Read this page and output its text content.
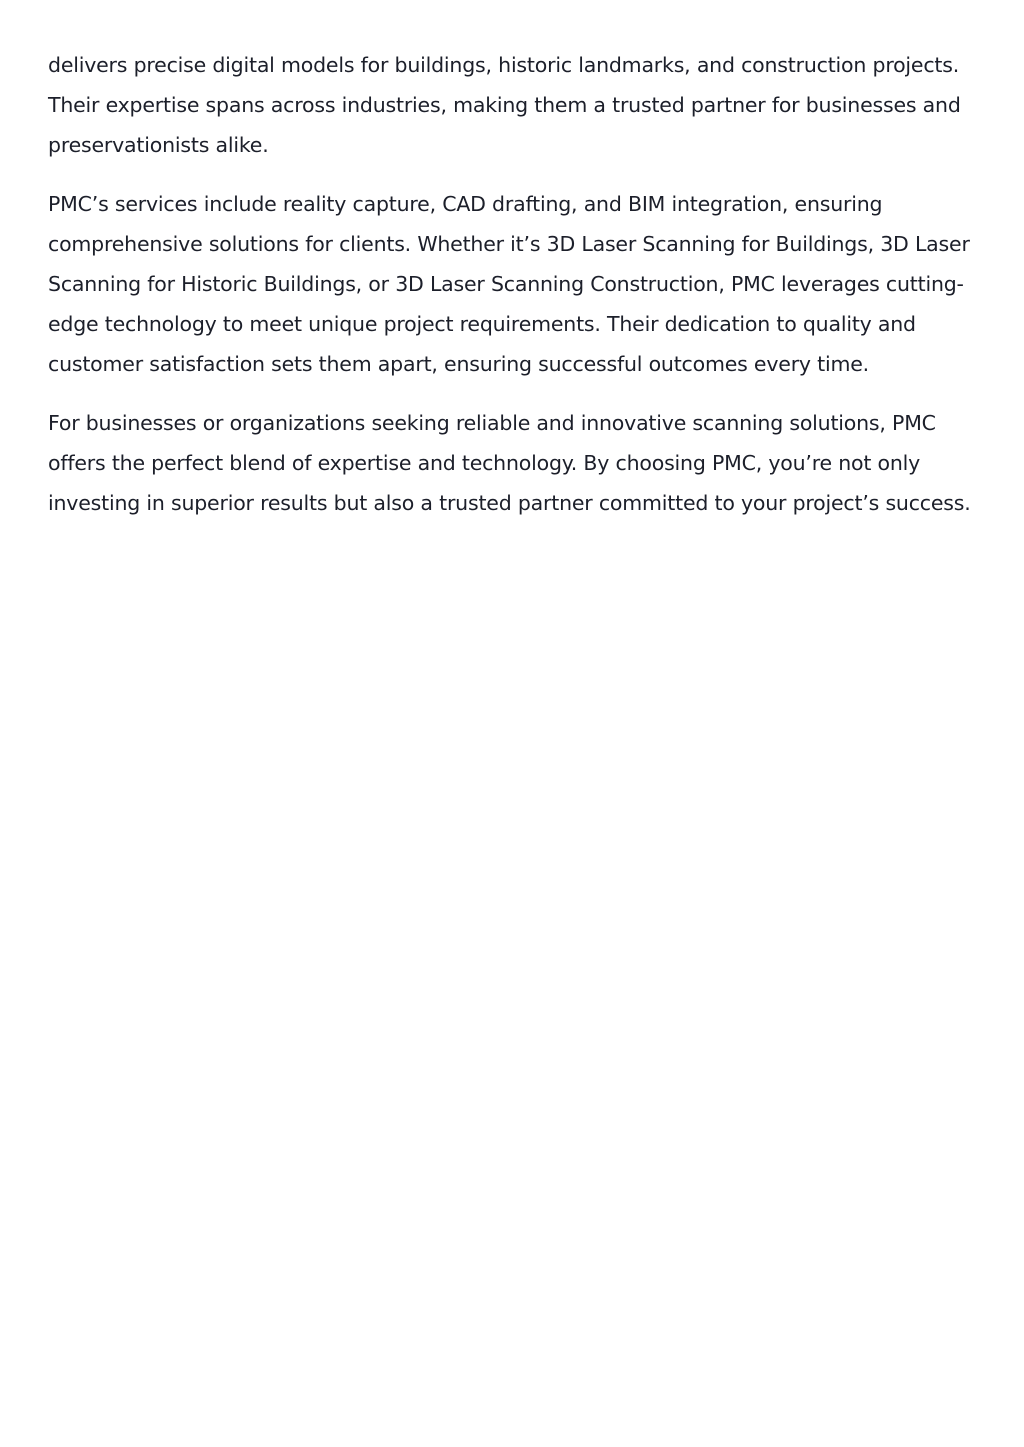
delivers precise digital models for buildings, historic landmarks, and construction projects.
Their expertise spans across industries, making them a trusted partner for businesses and
preservationists alike.
PMC’s services include reality capture, CAD drafting, and BIM integration, ensuring
comprehensive solutions for clients. Whether it’s 3D Laser Scanning for Buildings, 3D Laser
Scanning for Historic Buildings, or 3D Laser Scanning Construction, PMC leverages cutting-
edge technology to meet unique project requirements. Their dedication to quality and
customer satisfaction sets them apart, ensuring successful outcomes every time.
For businesses or organizations seeking reliable and innovative scanning solutions, PMC
offers the perfect blend of expertise and technology. By choosing PMC, you’re not only
investing in superior results but also a trusted partner committed to your project’s success.
